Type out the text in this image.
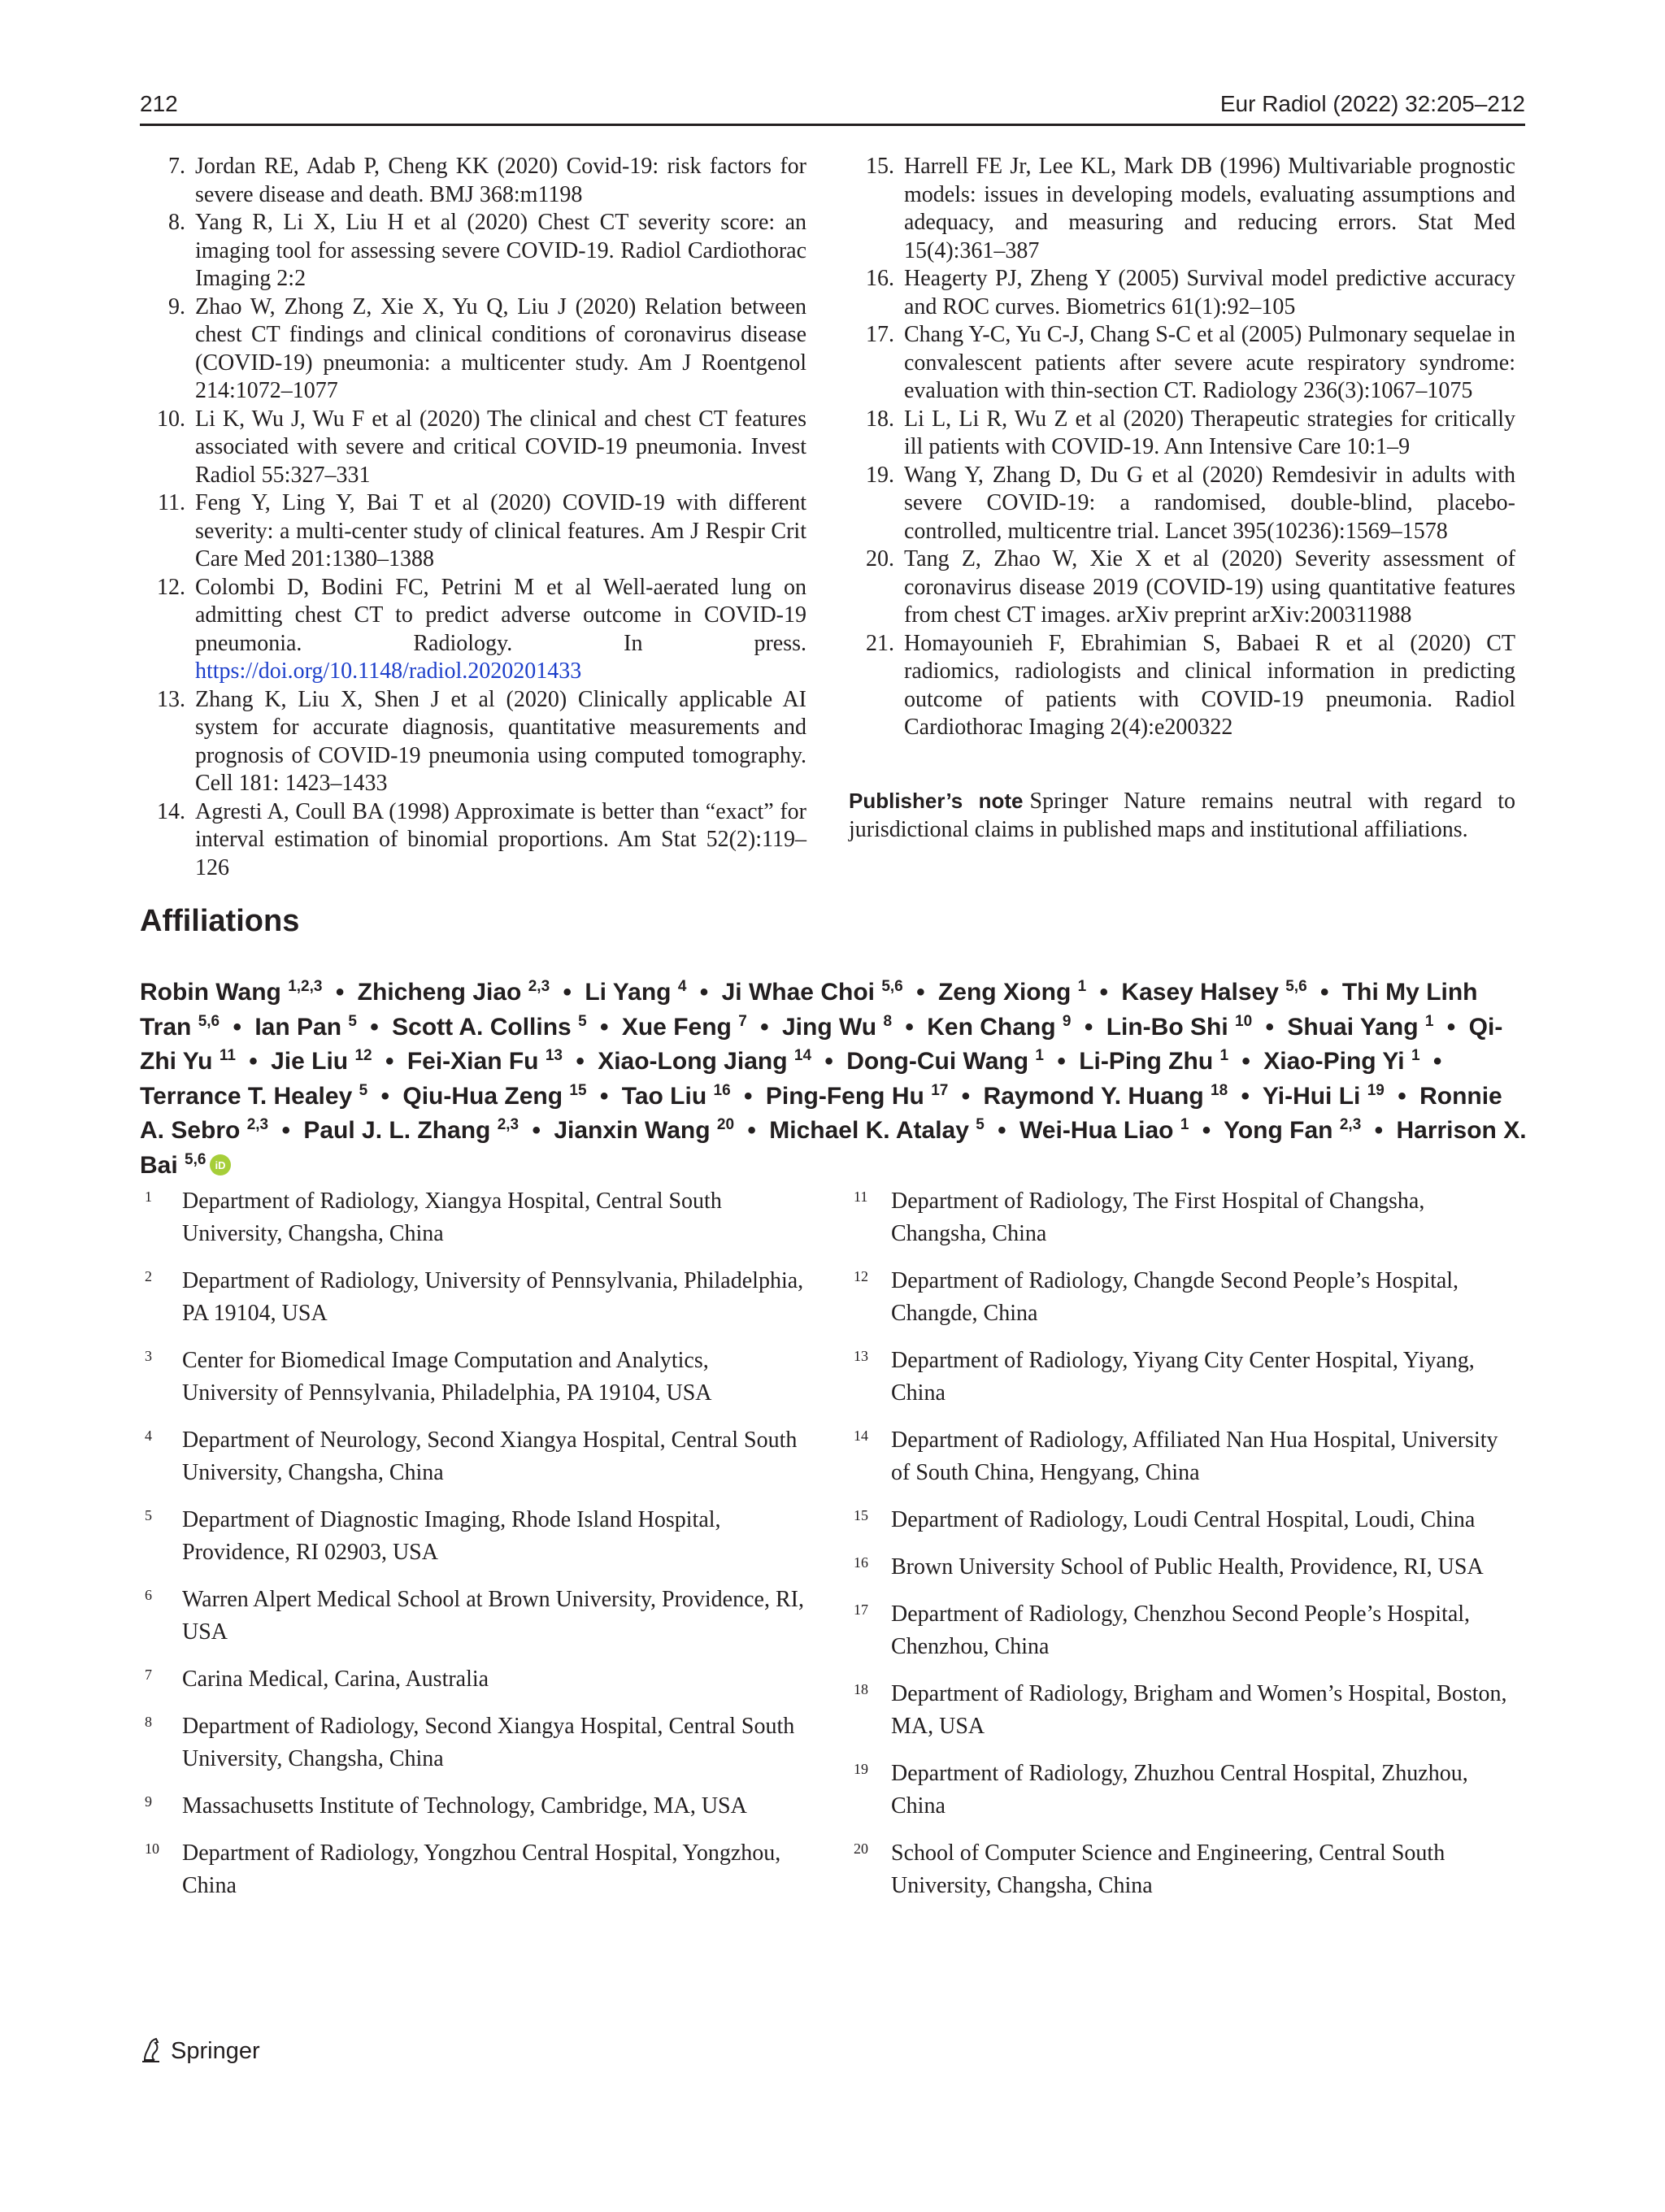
212	Eur Radiol (2022) 32:205–212
7. Jordan RE, Adab P, Cheng KK (2020) Covid-19: risk factors for severe disease and death. BMJ 368:m1198
8. Yang R, Li X, Liu H et al (2020) Chest CT severity score: an imaging tool for assessing severe COVID-19. Radiol Cardiothorac Imaging 2:2
9. Zhao W, Zhong Z, Xie X, Yu Q, Liu J (2020) Relation between chest CT findings and clinical conditions of coronavirus disease (COVID-19) pneumonia: a multicenter study. Am J Roentgenol 214:1072–1077
10. Li K, Wu J, Wu F et al (2020) The clinical and chest CT features associated with severe and critical COVID-19 pneumonia. Invest Radiol 55:327–331
11. Feng Y, Ling Y, Bai T et al (2020) COVID-19 with different severity: a multi-center study of clinical features. Am J Respir Crit Care Med 201:1380–1388
12. Colombi D, Bodini FC, Petrini M et al Well-aerated lung on admitting chest CT to predict adverse outcome in COVID-19 pneumonia. Radiology. In press. https://doi.org/10.1148/radiol.2020201433
13. Zhang K, Liu X, Shen J et al (2020) Clinically applicable AI system for accurate diagnosis, quantitative measurements and prognosis of COVID-19 pneumonia using computed tomography. Cell 181: 1423–1433
14. Agresti A, Coull BA (1998) Approximate is better than “exact” for interval estimation of binomial proportions. Am Stat 52(2):119–126
15. Harrell FE Jr, Lee KL, Mark DB (1996) Multivariable prognostic models: issues in developing models, evaluating assumptions and adequacy, and measuring and reducing errors. Stat Med 15(4):361–387
16. Heagerty PJ, Zheng Y (2005) Survival model predictive accuracy and ROC curves. Biometrics 61(1):92–105
17. Chang Y-C, Yu C-J, Chang S-C et al (2005) Pulmonary sequelae in convalescent patients after severe acute respiratory syndrome: evaluation with thin-section CT. Radiology 236(3):1067–1075
18. Li L, Li R, Wu Z et al (2020) Therapeutic strategies for critically ill patients with COVID-19. Ann Intensive Care 10:1–9
19. Wang Y, Zhang D, Du G et al (2020) Remdesivir in adults with severe COVID-19: a randomised, double-blind, placebo-controlled, multicentre trial. Lancet 395(10236):1569–1578
20. Tang Z, Zhao W, Xie X et al (2020) Severity assessment of coronavirus disease 2019 (COVID-19) using quantitative features from chest CT images. arXiv preprint arXiv:200311988
21. Homayounieh F, Ebrahimian S, Babaei R et al (2020) CT radiomics, radiologists and clinical information in predicting outcome of patients with COVID-19 pneumonia. Radiol Cardiothorac Imaging 2(4):e200322
Publisher’s note Springer Nature remains neutral with regard to jurisdictional claims in published maps and institutional affiliations.
Affiliations
Robin Wang $^{1,2,3}$ • Zhicheng Jiao $^{2,3}$ • Li Yang $^4$ • Ji Whae Choi $^{5,6}$ • Zeng Xiong $^1$ • Kasey Halsey $^{5,6}$ • Thi My Linh Tran $^{5,6}$ • Ian Pan $^5$ • Scott A. Collins $^5$ • Xue Feng $^7$ • Jing Wu $^8$ • Ken Chang $^9$ • Lin-Bo Shi $^{10}$ • Shuai Yang $^1$ • Qi-Zhi Yu $^{11}$ • Jie Liu $^{12}$ • Fei-Xian Fu $^{13}$ • Xiao-Long Jiang $^{14}$ • Dong-Cui Wang $^1$ • Li-Ping Zhu $^1$ • Xiao-Ping Yi $^1$ • Terrance T. Healey $^5$ • Qiu-Hua Zeng $^{15}$ • Tao Liu $^{16}$ • Ping-Feng Hu $^{17}$ • Raymond Y. Huang $^{18}$ • Yi-Hui Li $^{19}$ • Ronnie A. Sebro $^{2,3}$ • Paul J. L. Zhang $^{2,3}$ • Jianxin Wang $^{20}$ • Michael K. Atalay $^5$ • Wei-Hua Liao $^1$ • Yong Fan $^{2,3}$ • Harrison X. Bai $^{5,6}$ iD
1 Department of Radiology, Xiangya Hospital, Central South University, Changsha, China
2 Department of Radiology, University of Pennsylvania, Philadelphia, PA 19104, USA
3 Center for Biomedical Image Computation and Analytics, University of Pennsylvania, Philadelphia, PA 19104, USA
4 Department of Neurology, Second Xiangya Hospital, Central South University, Changsha, China
5 Department of Diagnostic Imaging, Rhode Island Hospital, Providence, RI 02903, USA
6 Warren Alpert Medical School at Brown University, Providence, RI, USA
7 Carina Medical, Carina, Australia
8 Department of Radiology, Second Xiangya Hospital, Central South University, Changsha, China
9 Massachusetts Institute of Technology, Cambridge, MA, USA
10 Department of Radiology, Yongzhou Central Hospital, Yongzhou, China
11 Department of Radiology, The First Hospital of Changsha, Changsha, China
12 Department of Radiology, Changde Second People’s Hospital, Changde, China
13 Department of Radiology, Yiyang City Center Hospital, Yiyang, China
14 Department of Radiology, Affiliated Nan Hua Hospital, University of South China, Hengyang, China
15 Department of Radiology, Loudi Central Hospital, Loudi, China
16 Brown University School of Public Health, Providence, RI, USA
17 Department of Radiology, Chenzhou Second People’s Hospital, Chenzhou, China
18 Department of Radiology, Brigham and Women’s Hospital, Boston, MA, USA
19 Department of Radiology, Zhuzhou Central Hospital, Zhuzhou, China
20 School of Computer Science and Engineering, Central South University, Changsha, China
Springer
